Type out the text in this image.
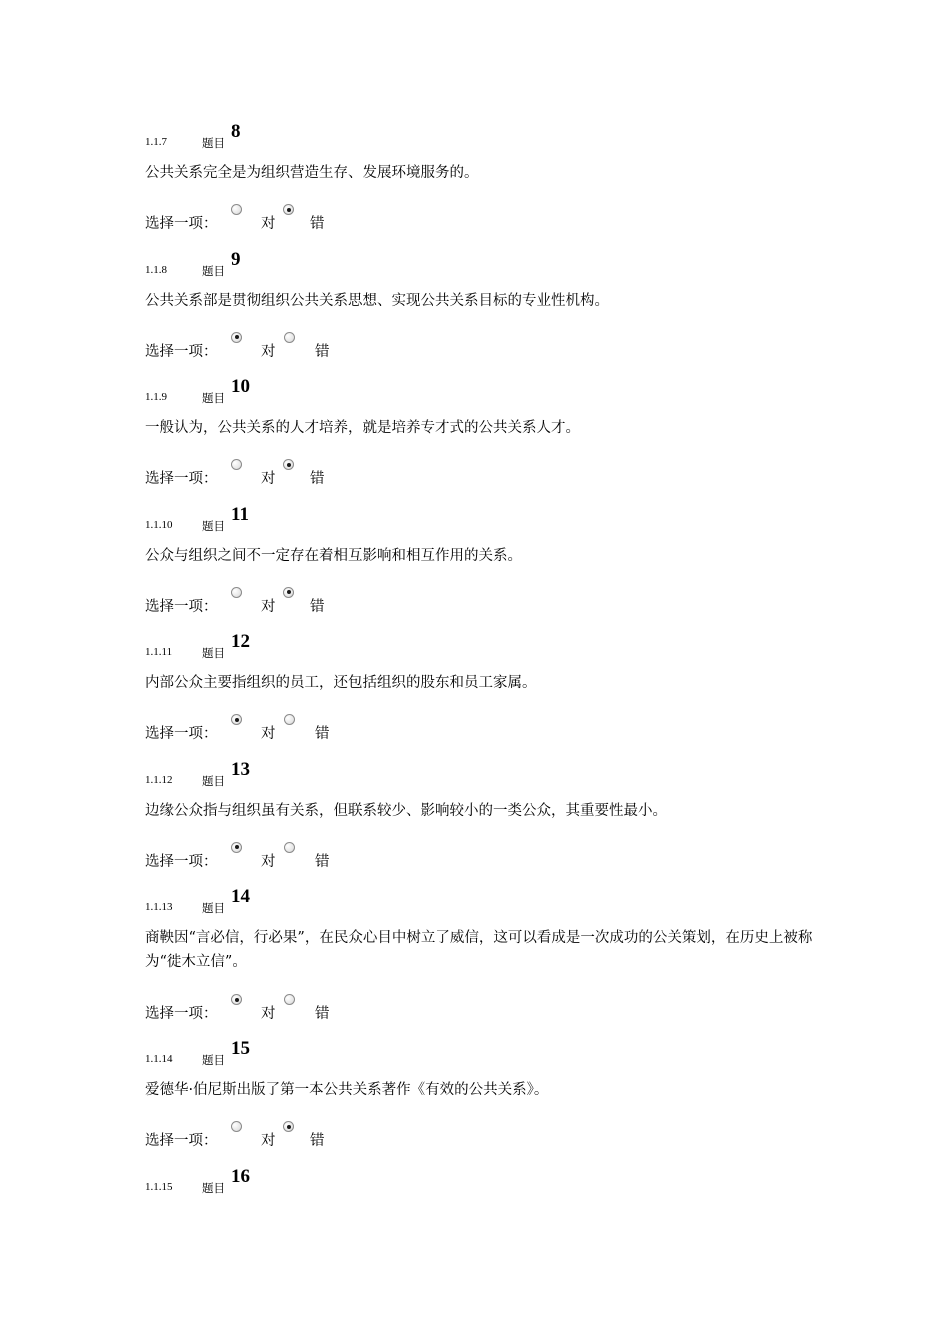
1.1.7	题目
8
公共关系完全是为组织营造生存、发展环境服务的。
选择一项：	对 错
1.1.8	题目
9
公共关系部是贯彻组织公共关系思想、实现公共关系目标的专业性机构。
选择一项：	对	错
1.1.9	题目
10
一般认为，公共关系的人才培养，就是培养专才式的公共关系人才。
选择一项：	对 错
1.1.10	题目
11
公众与组织之间不一定存在着相互影响和相互作用的关系。
选择一项：	对 错
1.1.11	题目
12
内部公众主要指组织的员工，还包括组织的股东和员工家属。
选择一项：	对	错
1.1.12	题目
13
边缘公众指与组织虽有关系，但联系较少、影响较小的一类公众，其重要性最小。
选择一项：	对	错
1.1.13	题目
14
商鞅因“言必信，行必果”，在民众心目中树立了威信，这可以看成是一次成功的公关策划，在历史上被称为“徙木立信”。
选择一项：	对	错
1.1.14	题目
15
爱德华·伯尼斯出版了第一本公共关系著作《有效的公共关系》。
选择一项：	对 错
1.1.15	题目
16
